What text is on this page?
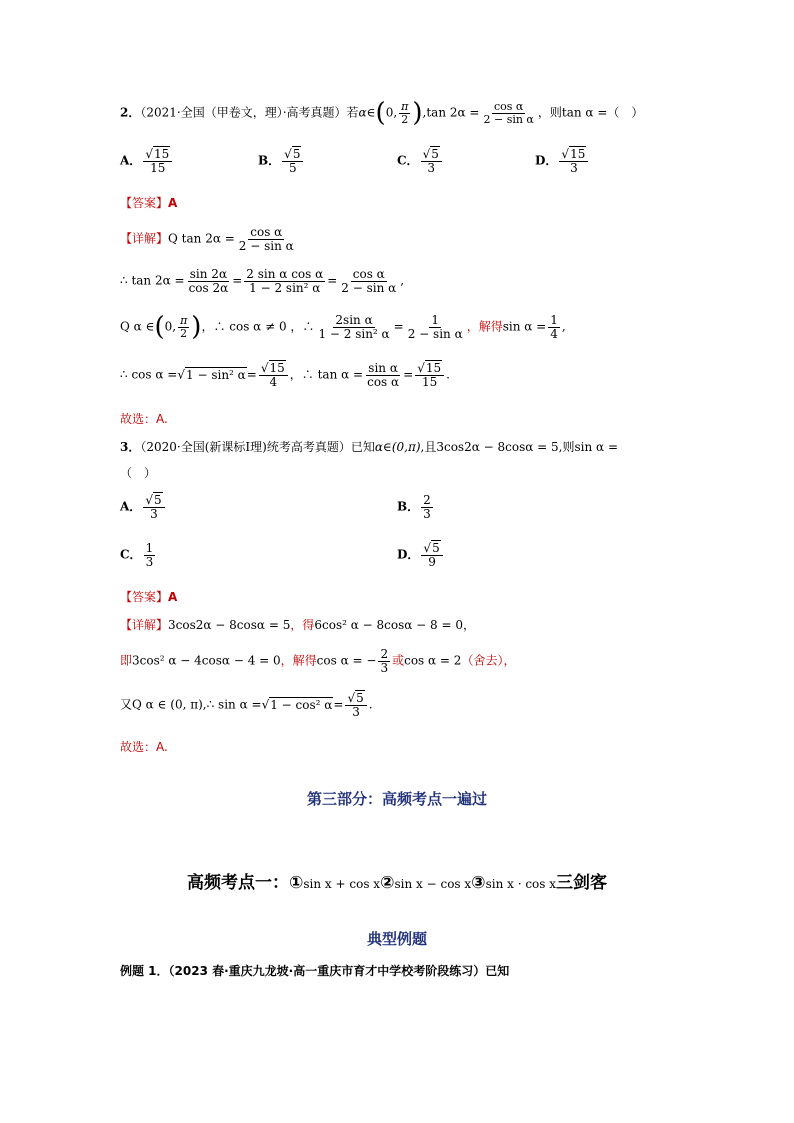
2．（2021·全国（甲卷文，理）·高考真题）若α∈(0, $\frac{\pi}{2} ),\tan$ $2\alpha = \frac{\text{cos α}}{\text{2 − sin α}}$ ，则tan α =（　）
A． $\frac{√15}{15}$	B． $\frac{√5}{5}$	C． $\frac{√5}{3}$	D． $\frac{√15}{3}$
【答案】A
【详解】Q $\tan 2\alpha = \frac{\text{cos α}}{\text{2 − sin α}}$
∴ $\tan 2\alpha = \frac{\sin 2\alpha}{\cos 2\alpha} = \frac{\text{2 sin α cos α}}{\text{1 − 2 sin² α}} = \frac{\text{cos α}}{\text{2 − sin α}}$ ,
Q α ∈(0, $\frac{\pi}{2}$ )，∴ cos α ≠ 0 ，∴ $\frac{\text{2sin α}}{\text{1 − 2 sin² α}} = \frac{1}{\text{2 − sin α}}$ ，解得$\sin \alpha = \frac{1}{4}$ ,
∴ cos α =√1 − sin² $\alpha= \frac{√15}{4}$ ，∴ $\tan \alpha = \frac{\text{sin α}}{\text{cos α}} = \frac{√15}{15}$ .
故选：A.
3．（2020·全国(新课标Ⅰ理)统考高考真题）已知α∈(0,π),且3cos2α − 8cosα = 5,则sin α =
（　）
A． $\frac{√5}{3}$	B． $\frac{2}{3}$
C． $\frac{1}{3}$	D． $\frac{√5}{9}$
【答案】A
【详解】3cos2α − 8cosα = 5，得6cos² α − 8cosα − 8 = 0，
即3cos² α − 4cosα − 4 = 0，解得cos α = − $\frac{2}{3}$ 或cos α = 2（舍去），
又Q α ∈ (0, π),∴ sin α =√1 − cos² $\alpha= \frac{√5}{3}$ .
故选：A.
第三部分：高频考点一遍过
高频考点一：①sin x + cos x②sin x − cos x③sin x · cos x三剑客
典型例题
例题 1．（2023 春·重庆九龙坡·高一重庆市育才中学校考阶段练习）已知
